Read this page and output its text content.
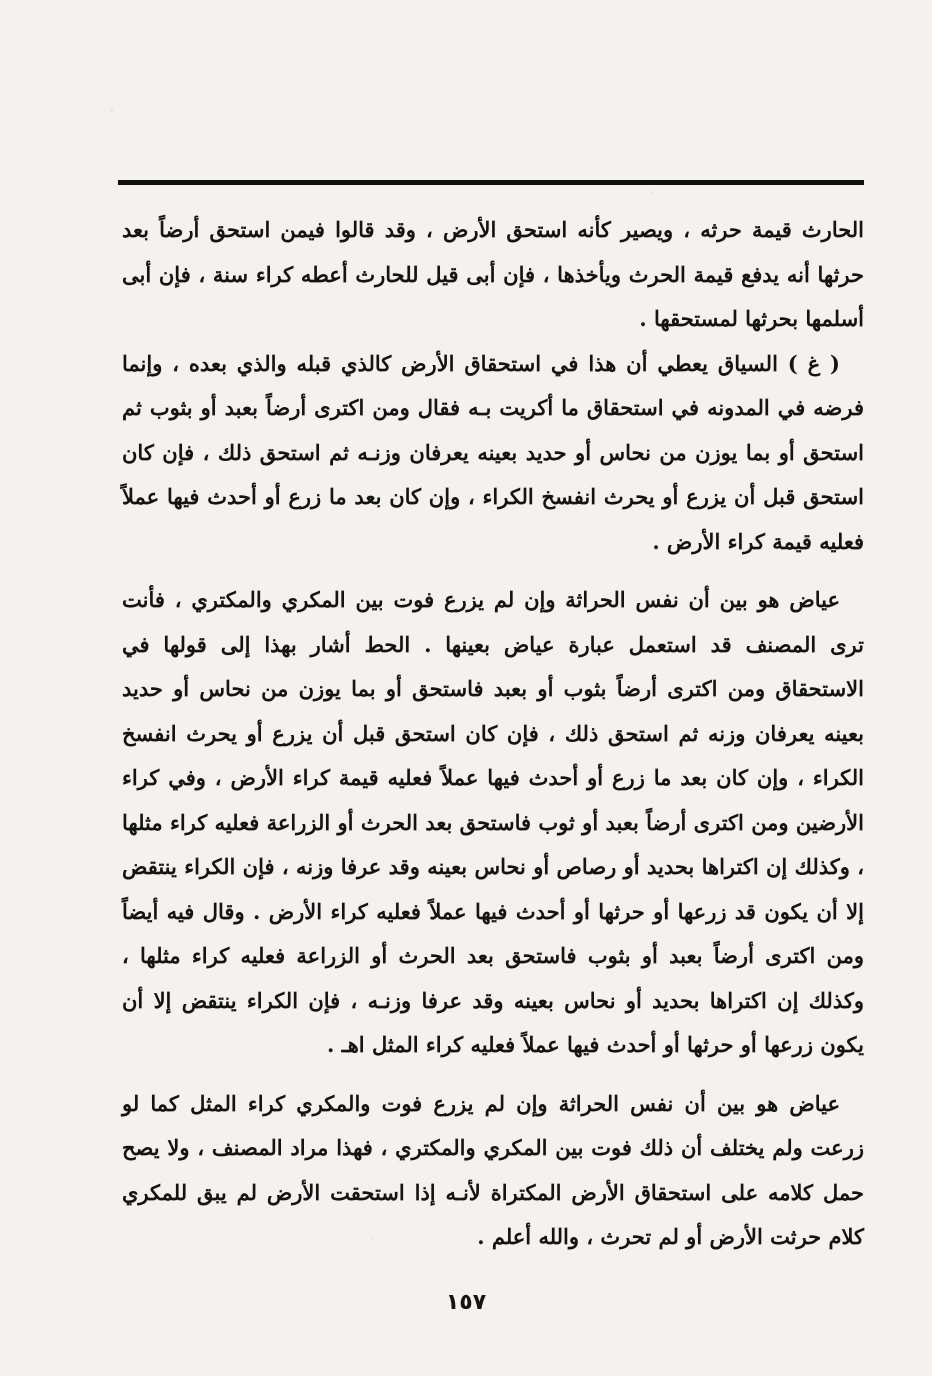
الحارث قيمة حرثه ، ويصير كأنه استحق الأرض ، وقد قالوا فيمن استحق أرضاً بعد حرثها أنه يدفع قيمة الحرث ويأخذها ، فإن أبى قيل للحارث أعطه كراء سنة ، فإن أبى أسلمها بحرثها لمستحقها .

( غ ) السياق يعطي أن هذا في استحقاق الأرض كالذي قبله والذي بعده ، وإنما فرضه في المدونه في استحقاق ما أكريت بـه فقال ومن اكترى أرضاً بعبد أو بثوب ثم استحق أو بما يوزن من نحاس أو حديد بعينه يعرفان وزنـه ثم استحق ذلك ، فإن كان استحق قبل أن يزرع أو يحرث انفسخ الكراء ، وإن كان بعد ما زرع أو أحدث فيها عملاً فعليه قيمة كراء الأرض .

عياض هو بين أن نفس الحراثة وإن لم يزرع فوت بين المكري والمكتري ، فأنت ترى المصنف قد استعمل عبارة عياض بعينها . الحط أشار بهذا إلى قولها في الاستحقاق ومن اكترى أرضاً بثوب أو بعبد فاستحق أو بما يوزن من نحاس أو حديد بعينه يعرفان وزنه ثم استحق ذلك ، فإن كان استحق قبل أن يزرع أو يحرث انفسخ الكراء ، وإن كان بعد ما زرع أو أحدث فيها عملاً فعليه قيمة كراء الأرض ، وفي كراء الأرضين ومن اكترى أرضاً بعبد أو ثوب فاستحق بعد الحرث أو الزراعة فعليه كراء مثلها ، وكذلك إن اكتراها بحديد أو رصاص أو نحاس بعينه وقد عرفا وزنه ، فإن الكراء ينتقض إلا أن يكون قد زرعها أو حرثها أو أحدث فيها عملاً فعليه كراء الأرض . وقال فيه أيضاً ومن اكترى أرضاً بعبد أو بثوب فاستحق بعد الحرث أو الزراعة فعليه كراء مثلها ، وكذلك إن اكتراها بحديد أو نحاس بعينه وقد عرفا وزنـه ، فإن الكراء ينتقض إلا أن يكون زرعها أو حرثها أو أحدث فيها عملاً فعليه كراء المثل اهـ .

عياض هو بين أن نفس الحراثة وإن لم يزرع فوت والمكري كراء المثل كما لو زرعت ولم يختلف أن ذلك فوت بين المكري والمكتري ، فهذا مراد المصنف ، ولا يصح حمل كلامه على استحقاق الأرض المكتراة لأنـه إذا استحقت الأرض لم يبق للمكري كلام حرثت الأرض أو لم تحرث ، والله أعلم .

١٥٧
